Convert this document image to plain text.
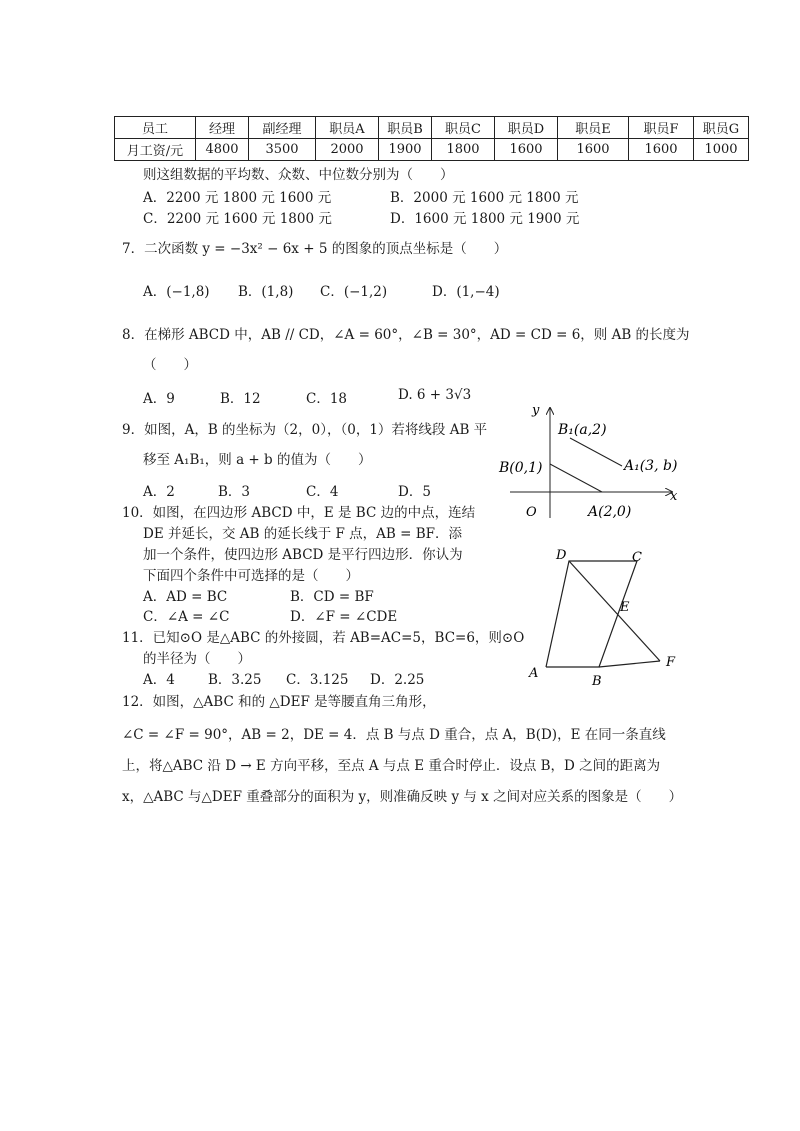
员工	经理	副经理	职员A	职员B	职员C	职员D	职员E	职员F	职员G
月工资/元	4800	3500	2000	1900	1800	1600	1600	1600	1000
则这组数据的平均数、众数、中位数分别为（　　）
A．2200 元 1800 元 1600 元	B．2000 元 1600 元 1800 元
C．2200 元 1600 元 1800 元	D．1600 元 1800 元 1900 元
7．二次函数 y = −3x² − 6x + 5 的图象的顶点坐标是（　　）
A．(−1,8) B．(1,8) C．(−1,2)	D．(1,−4)
8．在梯形 ABCD 中，AB // CD，∠A = 60°，∠B = 30°，AD = CD = 6，则 AB 的长度为
（　　）
A．9	B．12	C．18	D. 6 + 3√3
9．如图，A，B 的坐标为（2，0），（0，1）若将线段 AB 平
移至 A₁B₁，则 a + b 的值为（　　）
A．2	B．3	C．4	D．5
10．如图，在四边形 ABCD 中，E 是 BC 边的中点，连结
DE 并延长，交 AB 的延长线于 F 点，AB = BF．添
加一个条件，使四边形 ABCD 是平行四边形．你认为
下面四个条件中可选择的是（　　）
A．AD = BC	B．CD = BF
C．∠A = ∠C	D．∠F = ∠CDE
11．已知⊙O 是△ABC 的外接圆，若 AB=AC=5，BC=6，则⊙O
的半径为（　　）
A．4 B．3.25 C．3.125 D．2.25
12．如图，△ABC 和的 △DEF 是等腰直角三角形，
∠C = ∠F = 90°，AB = 2，DE = 4．点 B 与点 D 重合，点 A，B(D)，E 在同一条直线
上，将△ABC 沿 D → E 方向平移，至点 A 与点 E 重合时停止．设点 B，D 之间的距离为
x，△ABC 与△DEF 重叠部分的面积为 y，则准确反映 y 与 x 之间对应关系的图象是（　　）
y
x
O
B₁(a,2)
A₁(3, b)
B(0,1)
A(2,0)
D	C
E
A
B
F
